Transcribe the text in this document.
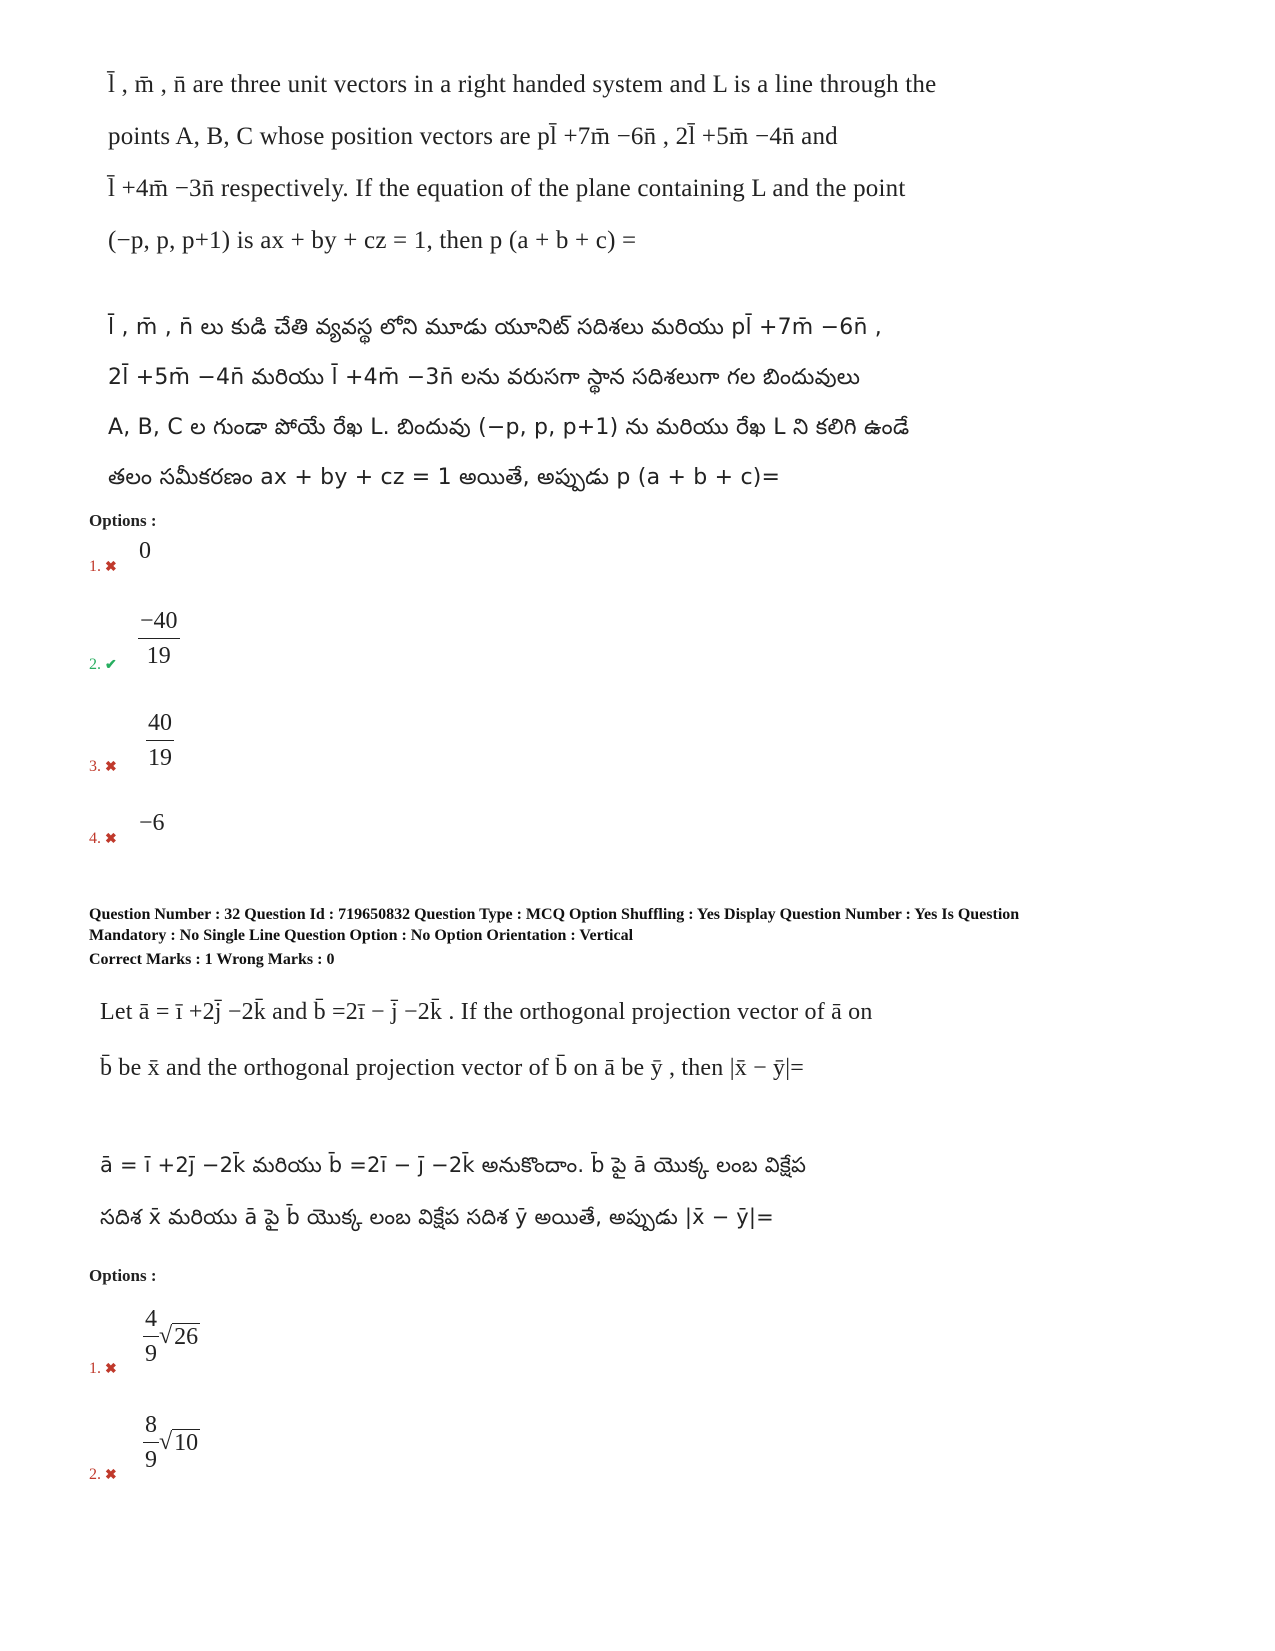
l̄ , m̄ , n̄ are three unit vectors in a right handed system and L is a line through the
points A, B, C whose position vectors are pl̄ +7m̄ −6n̄ , 2l̄ +5m̄ −4n̄ and
l̄ +4m̄ −3n̄ respectively. If the equation of the plane containing L and the point
(−p, p, p+1) is ax + by + cz = 1, then p (a + b + c) =
l̄ , m̄ , n̄ లు కుడి చేతి వ్యవస్థ లోని మూడు యూనిట్ సదిశలు మరియు pl̄ +7m̄ −6n̄ ,
2l̄ +5m̄ −4n̄ మరియు l̄ +4m̄ −3n̄ లను వరుసగా స్థాన సదిశలుగా గల బిందువులు
A, B, C ల గుండా పోయే రేఖ L. బిందువు (−p, p, p+1) ను మరియు రేఖ L ని కలిగి ఉండే
తలం సమీకరణం ax + by + cz = 1 అయితే, అప్పుడు p (a + b + c)=
Options :
1. ✖
0
2. ✔ $\frac{-40}{19}$
3. ✖ $\frac{40}{19}$
4. ✖
−6
Question Number : 32 Question Id : 719650832 Question Type : MCQ Option Shuffling : Yes Display Question Number : Yes Is Question
Mandatory : No Single Line Question Option : No Option Orientation : Vertical
Correct Marks : 1 Wrong Marks : 0
Let ā = ī +2j̄ −2k̄ and b̄ =2ī − j̄ −2k̄ . If the orthogonal projection vector of ā on
b̄ be x̄ and the orthogonal projection vector of b̄ on ā be ȳ , then |x̄ − ȳ|=
ā = ī +2j̄ −2k̄ మరియు b̄ =2ī − j̄ −2k̄ అనుకొందాం. b̄ పై ā యొక్క లంబ విక్షేప
సదిశ x̄ మరియు ā పై b̄ యొక్క లంబ విక్షేప సదిశ ȳ అయితే, అప్పుడు |x̄ − ȳ|=
Options :
1. ✖ $\frac{4}{9}$ √ 26
2. ✖ $\frac{8}{9}$ √ 10
